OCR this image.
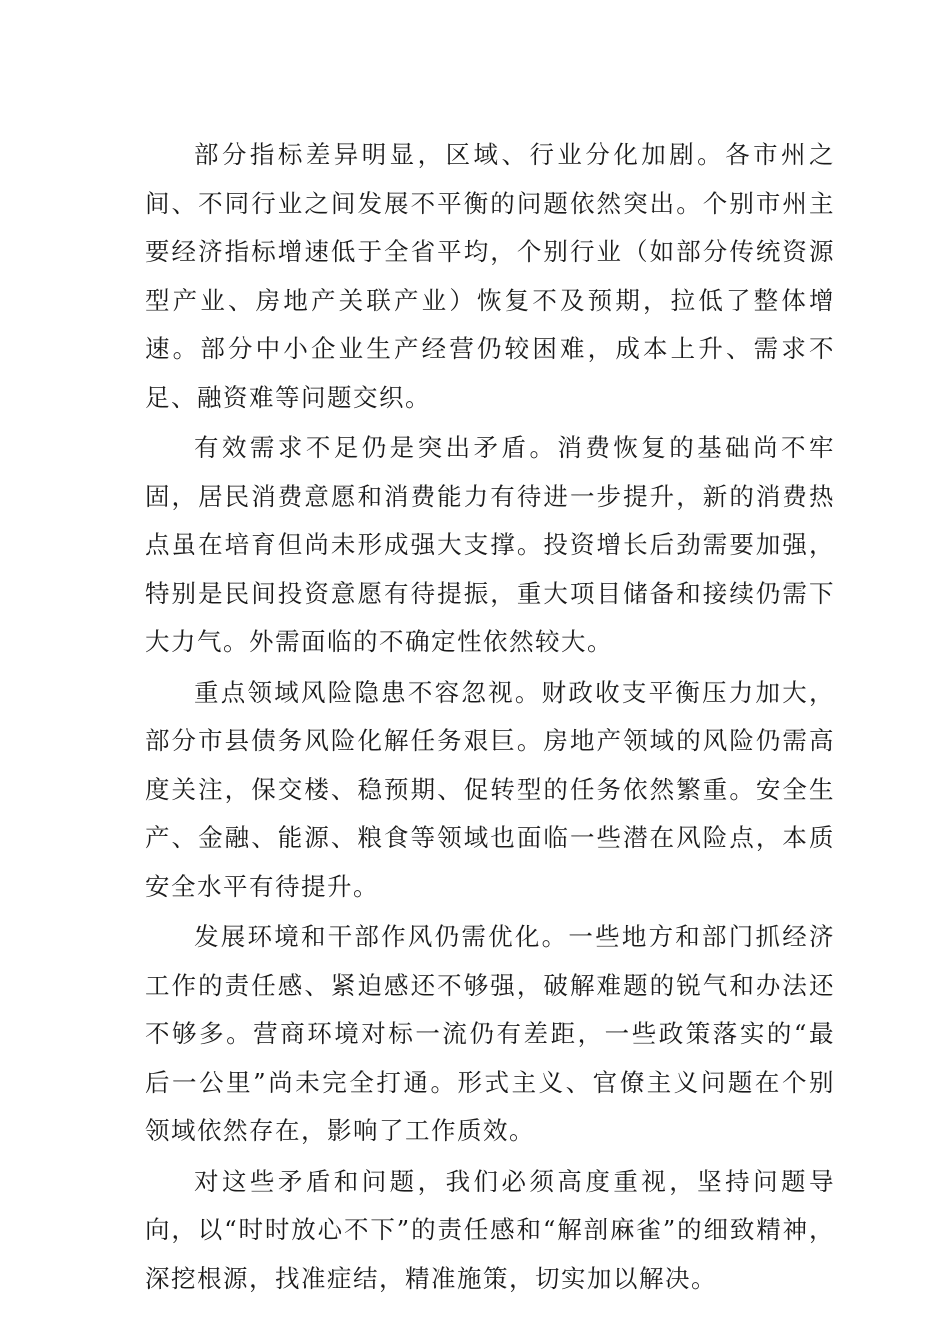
部分指标差异明显，区域、行业分化加剧。各市州之间、不同行业之间发展不平衡的问题依然突出。个别市州主要经济指标增速低于全省平均，个别行业（如部分传统资源型产业、房地产关联产业）恢复不及预期，拉低了整体增速。部分中小企业生产经营仍较困难，成本上升、需求不足、融资难等问题交织。

有效需求不足仍是突出矛盾。消费恢复的基础尚不牢固，居民消费意愿和消费能力有待进一步提升，新的消费热点虽在培育但尚未形成强大支撑。投资增长后劲需要加强，特别是民间投资意愿有待提振，重大项目储备和接续仍需下大力气。外需面临的不确定性依然较大。

重点领域风险隐患不容忽视。财政收支平衡压力加大，部分市县债务风险化解任务艰巨。房地产领域的风险仍需高度关注，保交楼、稳预期、促转型的任务依然繁重。安全生产、金融、能源、粮食等领域也面临一些潜在风险点，本质安全水平有待提升。

发展环境和干部作风仍需优化。一些地方和部门抓经济工作的责任感、紧迫感还不够强，破解难题的锐气和办法还不够多。营商环境对标一流仍有差距，一些政策落实的“最后一公里”尚未完全打通。形式主义、官僚主义问题在个别领域依然存在，影响了工作质效。

对这些矛盾和问题，我们必须高度重视，坚持问题导向，以“时时放心不下”的责任感和“解剖麻雀”的细致精神，深挖根源，找准症结，精准施策，切实加以解决。
